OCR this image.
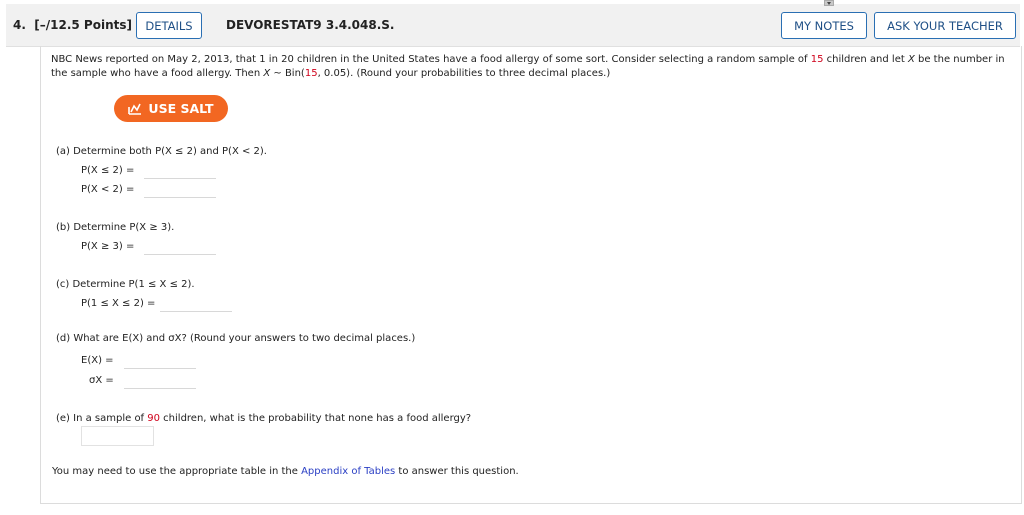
4. [–/12.5 Points]	DETAILS	DEVORESTAT9 3.4.048.S.	MY NOTES	ASK YOUR TEACHER
NBC News reported on May 2, 2013, that 1 in 20 children in the United States have a food allergy of some sort. Consider selecting a random sample of 15 children and let X be the number in
the sample who have a food allergy. Then X ~ Bin(15, 0.05). (Round your probabilities to three decimal places.)
USE SALT
(a) Determine both P(X ≤ 2) and P(X < 2).
P(X ≤ 2) =
P(X < 2) =
(b) Determine P(X ≥ 3).
P(X ≥ 3) =
(c) Determine P(1 ≤ X ≤ 2).
P(1 ≤ X ≤ 2) =
(d) What are E(X) and σX? (Round your answers to two decimal places.)
E(X) =
σX =
(e) In a sample of 90 children, what is the probability that none has a food allergy?
You may need to use the appropriate table in the Appendix of Tables to answer this question.
